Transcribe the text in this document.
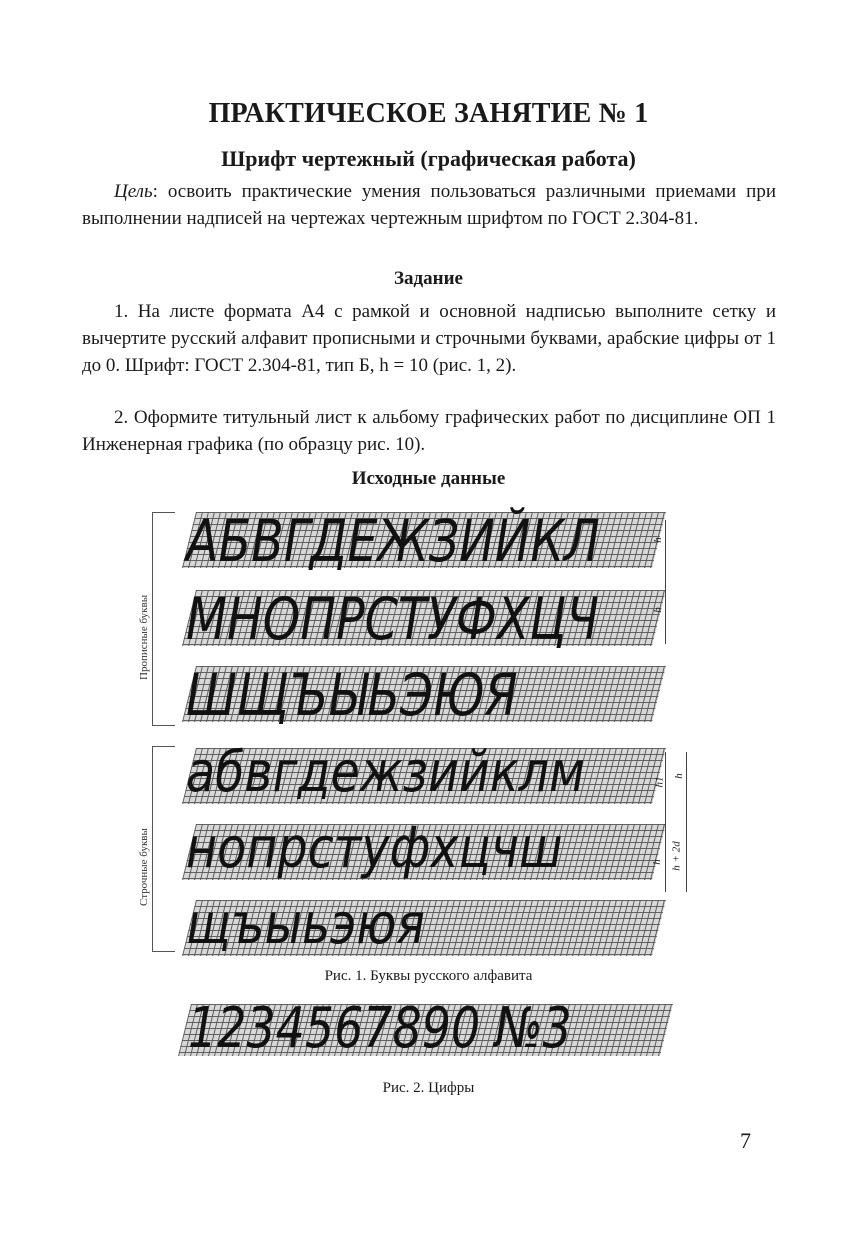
ПРАКТИЧЕСКОЕ ЗАНЯТИЕ № 1
Шрифт чертежный (графическая работа)
Цель: освоить практические умения пользоваться различными приемами при выполнении надписей на чертежах чертежным шрифтом по ГОСТ 2.304-81.
Задание
1. На листе формата А4 с рамкой и основной надписью выполните сетку и вычертите русский алфавит прописными и строчными буквами, арабские цифры от 1 до 0. Шрифт: ГОСТ 2.304-81, тип Б, h = 10 (рис. 1, 2).
2. Оформите титульный лист к альбому графических работ по дисциплине ОП 1 Инженерная графика (по образцу рис. 10).
Исходные данные
Прописные буквы
АБВГДЕЖЗИЙКЛ
МНОПРСТУФХЦЧ
ШЩЪЫЬЭЮЯ
h
b
Строчные буквы
абвгдежзийклм
нопрстуфхцчш
щъыьэюя
h1
h
h h + 2d
Рис. 1. Буквы русского алфавита
1234567890 №3
Рис. 2. Цифры
7
